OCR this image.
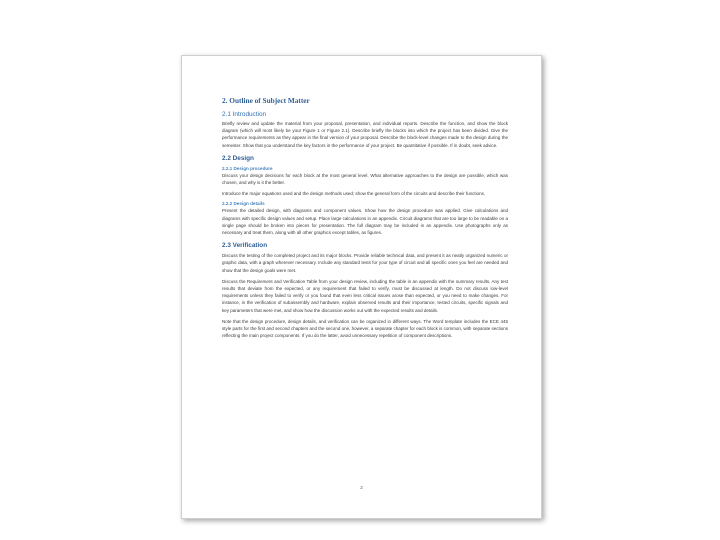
2. Outline of Subject Matter
2.1 Introduction
Briefly review and update the material from your proposal, presentation, and individual reports. Describe the function, and show the block diagram (which will most likely be your Figure 1 or Figure 2.1). Describe briefly the blocks into which the project has been divided. Give the performance requirements as they appear in the final version of your proposal. Describe the block-level changes made to the design during the semester. Show that you understand the key factors in the performance of your project. Be quantitative if possible. If in doubt, seek advice.
2.2 Design
2.2.1 Design procedure
Discuss your design decisions for each block at the most general level. What alternative approaches to the design are possible, which was chosen, and why is it the better.
Introduce the major equations used and the design methods used; show the general form of the circuits and describe their functions.
2.2.2 Design details
Present the detailed design, with diagrams and component values. Show how the design procedure was applied. Give calculations and diagrams with specific design values and setup. Place large calculations in an appendix. Circuit diagrams that are too large to be readable on a single page should be broken into pieces for presentation. The full diagram may be included in an appendix. Use photographs only as necessary and treat them, along with all other graphics except tables, as figures.
2.3 Verification
Discuss the testing of the completed project and its major blocks. Provide reliable technical data, and present it as neatly organized numeric or graphic data, with a graph wherever necessary. Include any standard tests for your type of circuit and all specific ones you feel are needed and show that the design goals were met.
Discuss the Requirement and Verification Table from your design review, including the table in an appendix with the summary results. Any test results that deviate from the expected, or any requirement that failed to verify, must be discussed at length. Do not discuss low-level requirements unless they failed to verify or you found that even less critical issues arose than expected, or you need to make changes. For instance, in the verification of subassembly and hardware, explain observed results and their importance, tested circuits, specific signals and key parameters that were met, and show how the discussion works out with the expected results and details.
Note that the design procedure, design details, and verification can be organized in different ways. The Word template includes the ECE 445 style parts for the first and second chapters and the second one, however, a separate chapter for each block is common, with separate sections reflecting the main project components. If you do the latter, avoid unnecessary repetition of component descriptions.
2
